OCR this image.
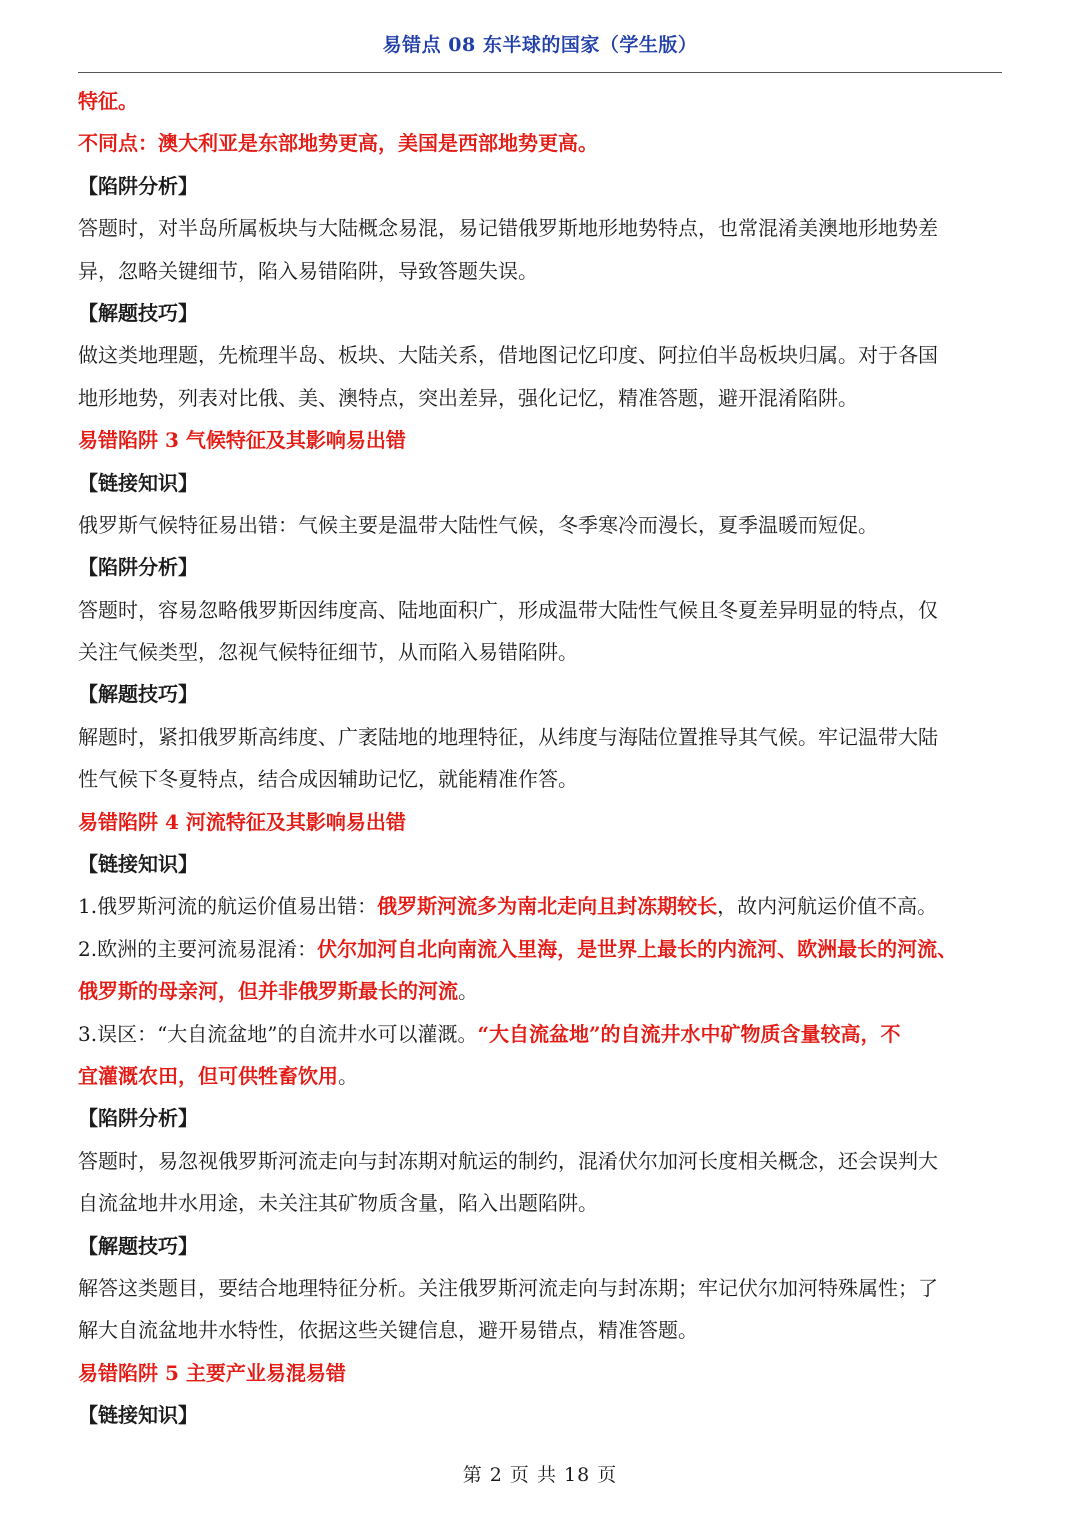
易错点 08 东半球的国家（学生版）
特征。
不同点：澳大利亚是东部地势更高，美国是西部地势更高。
【陷阱分析】
答题时，对半岛所属板块与大陆概念易混，易记错俄罗斯地形地势特点，也常混淆美澳地形地势差
异，忽略关键细节，陷入易错陷阱，导致答题失误。
【解题技巧】
做这类地理题，先梳理半岛、板块、大陆关系，借地图记忆印度、阿拉伯半岛板块归属。对于各国
地形地势，列表对比俄、美、澳特点，突出差异，强化记忆，精准答题，避开混淆陷阱。
易错陷阱 3 气候特征及其影响易出错
【链接知识】
俄罗斯气候特征易出错：气候主要是温带大陆性气候，冬季寒冷而漫长，夏季温暖而短促。
【陷阱分析】
答题时，容易忽略俄罗斯因纬度高、陆地面积广，形成温带大陆性气候且冬夏差异明显的特点，仅
关注气候类型，忽视气候特征细节，从而陷入易错陷阱。
【解题技巧】
解题时，紧扣俄罗斯高纬度、广袤陆地的地理特征，从纬度与海陆位置推导其气候。牢记温带大陆
性气候下冬夏特点，结合成因辅助记忆，就能精准作答。
易错陷阱 4 河流特征及其影响易出错
【链接知识】
1.俄罗斯河流的航运价值易出错：俄罗斯河流多为南北走向且封冻期较长，故内河航运价值不高。
2.欧洲的主要河流易混淆：伏尔加河自北向南流入里海，是世界上最长的内流河、欧洲最长的河流、
俄罗斯的母亲河，但并非俄罗斯最长的河流。
3.误区：“大自流盆地”的自流井水可以灌溉。“大自流盆地”的自流井水中矿物质含量较高，不
宜灌溉农田，但可供牲畜饮用。
【陷阱分析】
答题时，易忽视俄罗斯河流走向与封冻期对航运的制约，混淆伏尔加河长度相关概念，还会误判大
自流盆地井水用途，未关注其矿物质含量，陷入出题陷阱。
【解题技巧】
解答这类题目，要结合地理特征分析。关注俄罗斯河流走向与封冻期；牢记伏尔加河特殊属性；了
解大自流盆地井水特性，依据这些关键信息，避开易错点，精准答题。
易错陷阱 5 主要产业易混易错
【链接知识】
第 2 页 共 18 页
